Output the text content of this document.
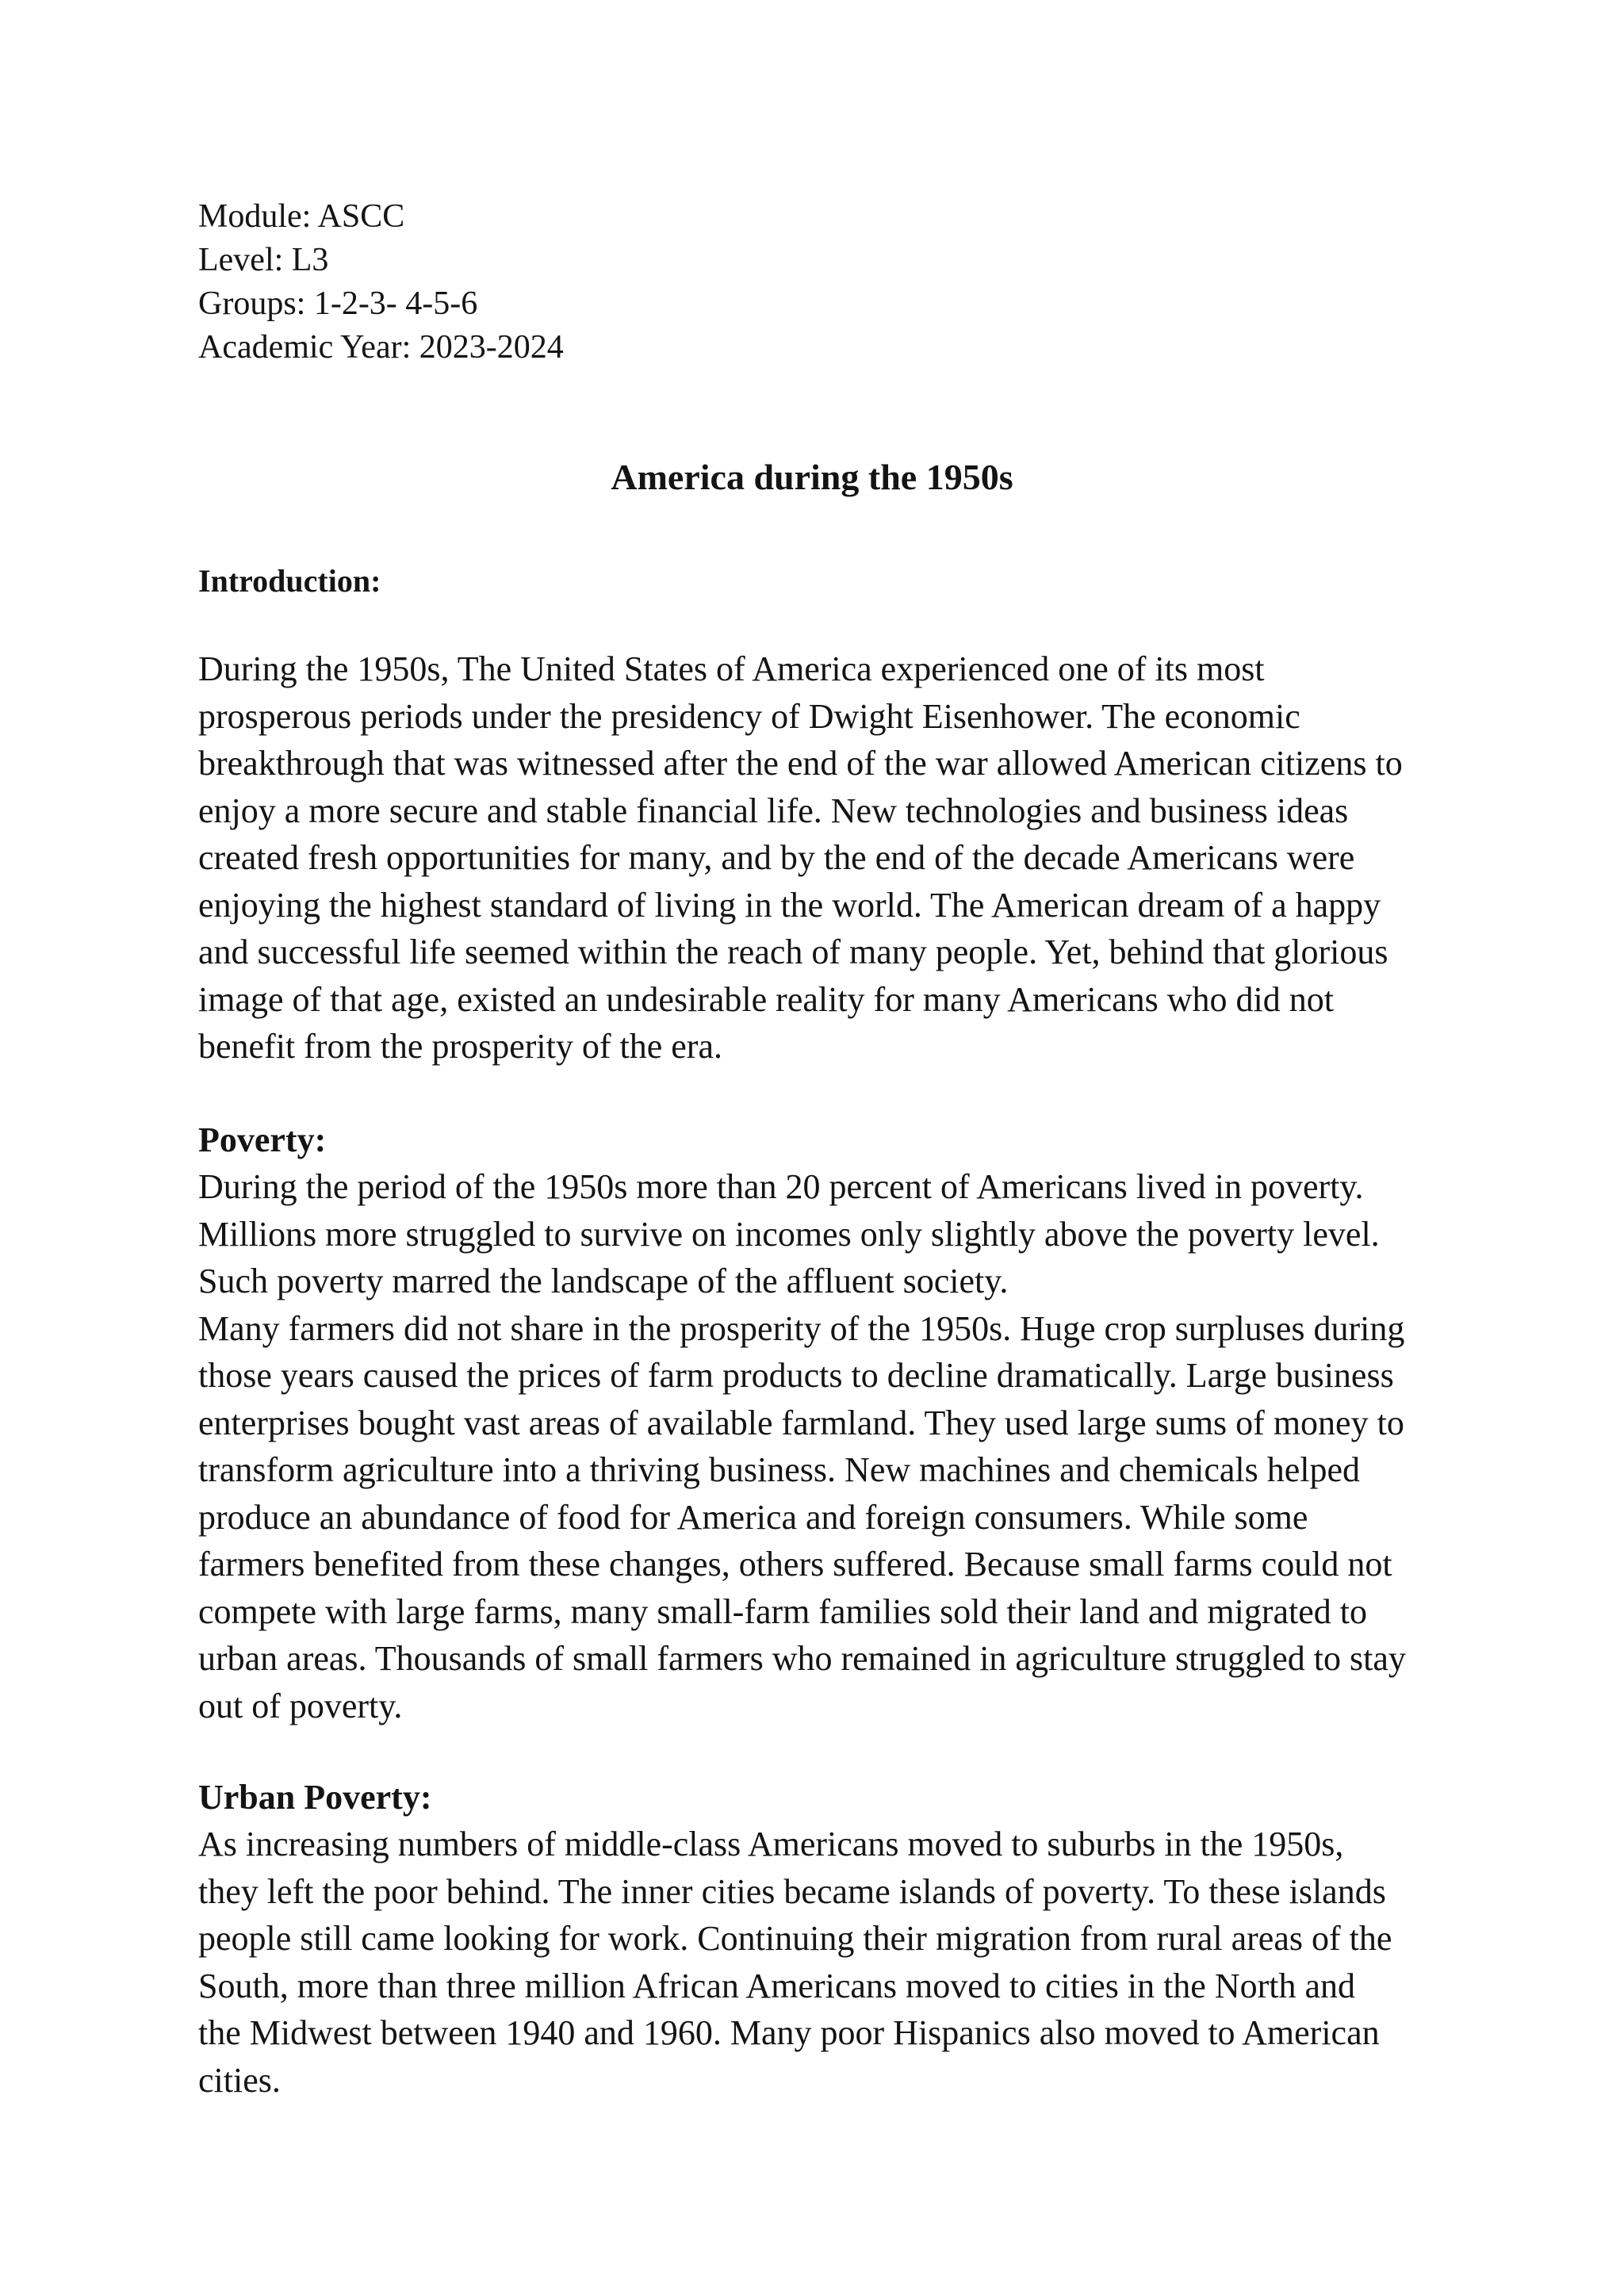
Module: ASCC
Level: L3
Groups: 1-2-3- 4-5-6
Academic Year: 2023-2024
America during the 1950s
Introduction:

During the 1950s, The United States of America experienced one of its most
prosperous periods under the presidency of Dwight Eisenhower. The economic
breakthrough that was witnessed after the end of the war allowed American citizens to
enjoy a more secure and stable financial life. New technologies and business ideas
created fresh opportunities for many, and by the end of the decade Americans were
enjoying the highest standard of living in the world. The American dream of a happy
and successful life seemed within the reach of many people. Yet, behind that glorious
image of that age, existed an undesirable reality for many Americans who did not
benefit from the prosperity of the era.

Poverty:

During the period of the 1950s more than 20 percent of Americans lived in poverty.
Millions more struggled to survive on incomes only slightly above the poverty level.
Such poverty marred the landscape of the affluent society.
Many farmers did not share in the prosperity of the 1950s. Huge crop surpluses during
those years caused the prices of farm products to decline dramatically. Large business
enterprises bought vast areas of available farmland. They used large sums of money to
transform agriculture into a thriving business. New machines and chemicals helped
produce an abundance of food for America and foreign consumers. While some
farmers benefited from these changes, others suffered. Because small farms could not
compete with large farms, many small-farm families sold their land and migrated to
urban areas. Thousands of small farmers who remained in agriculture struggled to stay
out of poverty.

Urban Poverty:

As increasing numbers of middle-class Americans moved to suburbs in the 1950s,
they left the poor behind. The inner cities became islands of poverty. To these islands
people still came looking for work. Continuing their migration from rural areas of the
South, more than three million African Americans moved to cities in the North and
the Midwest between 1940 and 1960. Many poor Hispanics also moved to American
cities.
